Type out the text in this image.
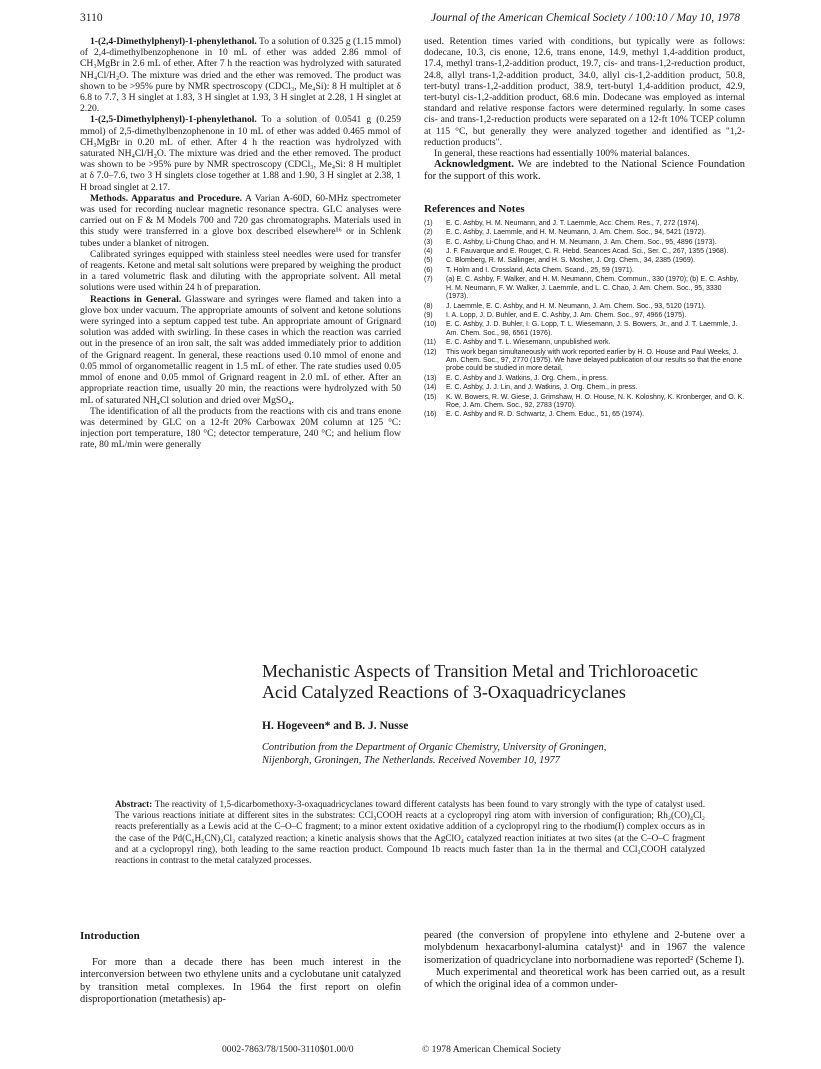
3110	Journal of the American Chemical Society / 100:10 / May 10, 1978

1-(2,4-Dimethylphenyl)-1-phenylethanol. To a solution of 0.325 g (1.15 mmol) of 2,4-dimethylbenzophenone in 10 mL of ether was added 2.86 mmol of CH₃MgBr in 2.6 mL of ether. After 7 h the reaction was hydrolyzed with saturated NH₄Cl/H₂O. The mixture was dried and the ether was removed. The product was shown to be >95% pure by NMR spectroscopy (CDCl₃, Me₄Si): 8 H multiplet at δ 6.8 to 7.7, 3 H singlet at 1.83, 3 H singlet at 1.93, 3 H singlet at 2.28, 1 H singlet at 2.20.

1-(2,5-Dimethylphenyl)-1-phenylethanol. To a solution of 0.0541 g (0.259 mmol) of 2,5-dimethylbenzophenone in 10 mL of ether was added 0.465 mmol of CH₃MgBr in 0.20 mL of ether. After 4 h the reaction was hydrolyzed with saturated NH₄Cl/H₂O. The mixture was dried and the ether removed. The product was shown to be >95% pure by NMR spectroscopy (CDCl₃, Me₄Si: 8 H multiplet at δ 7.0–7.6, two 3 H singlets close together at 1.88 and 1.90, 3 H singlet at 2.38, 1 H broad singlet at 2.17.

Methods. Apparatus and Procedure. A Varian A-60D, 60-MHz spectrometer was used for recording nuclear magnetic resonance spectra. GLC analyses were carried out on F & M Models 700 and 720 gas chromatographs. Materials used in this study were transferred in a glove box described elsewhere¹⁶ or in Schlenk tubes under a blanket of nitrogen.

Calibrated syringes equipped with stainless steel needles were used for transfer of reagents. Ketone and metal salt solutions were prepared by weighing the product in a tared volumetric flask and diluting with the appropriate solvent. All metal solutions were used within 24 h of preparation.

Reactions in General. Glassware and syringes were flamed and taken into a glove box under vacuum. The appropriate amounts of solvent and ketone solutions were syringed into a septum capped test tube. An appropriate amount of Grignard solution was added with swirling. In these cases in which the reaction was carried out in the presence of an iron salt, the salt was added immediately prior to addition of the Grignard reagent. In general, these reactions used 0.10 mmol of enone and 0.05 mmol of organometallic reagent in 1.5 mL of ether. The rate studies used 0.05 mmol of enone and 0.05 mmol of Grignard reagent in 2.0 mL of ether. After an appropriate reaction time, usually 20 min, the reactions were hydrolyzed with 50 mL of saturated NH₄Cl solution and dried over MgSO₄.

The identification of all the products from the reactions with cis and trans enone was determined by GLC on a 12-ft 20% Carbowax 20M column at 125 °C: injection port temperature, 180 °C; detector temperature, 240 °C; and helium flow rate, 80 mL/min were generally

used. Retention times varied with conditions, but typically were as follows: dodecane, 10.3, cis enone, 12.6, trans enone, 14.9, methyl 1,4-addition product, 17.4, methyl trans-1,2-addition product, 19.7, cis- and trans-1,2-reduction product, 24.8, allyl trans-1,2-addition product, 34.0, allyl cis-1,2-addition product, 50.8, tert-butyl trans-1,2-addition product, 38.9, tert-butyl 1,4-addition product, 42.9, tert-butyl cis-1,2-addition product, 68.6 min. Dodecane was employed as internal standard and relative response factors were determined regularly. In some cases cis- and trans-1,2-reduction products were separated on a 12-ft 10% TCEP column at 115 °C, but generally they were analyzed together and identified as "1,2-reduction products".

In general, these reactions had essentially 100% material balances.

Acknowledgment. We are indebted to the National Science Foundation for the support of this work.

References and Notes
(1) E. C. Ashby, H. M. Neumann, and J. T. Laemmle, Acc. Chem. Res., 7, 272 (1974).
(2) E. C. Ashby, J. Laemmle, and H. M. Neumann, J. Am. Chem. Soc., 94, 5421 (1972).
(3) E. C. Ashby, Li-Chung Chao, and H. M. Neumann, J. Am. Chem. Soc., 95, 4896 (1973).
(4) J. F. Fauvarque and E. Rouget, C. R. Hebd. Seances Acad. Sci., Ser. C., 267, 1355 (1968).
(5) C. Blomberg, R. M. Sallinger, and H. S. Mosher, J. Org. Chem., 34, 2385 (1969).
(6) T. Holm and I. Crossland, Acta Chem. Scand., 25, 59 (1971).
(7) (a) E. C. Ashby, F. Walker, and H. M. Neumann, Chem. Commun., 330 (1970); (b) E. C. Ashby, H. M. Neumann, F. W. Walker, J. Laemmle, and L. C. Chao, J. Am. Chem. Soc., 95, 3330 (1973).
(8) J. Laemmle, E. C. Ashby, and H. M. Neumann, J. Am. Chem. Soc., 93, 5120 (1971).
(9) I. A. Lopp, J. D. Buhler, and E. C. Ashby, J. Am. Chem. Soc., 97, 4966 (1975).
(10) E. C. Ashby, J. D. Buhler, I. G. Lopp, T. L. Wiesemann, J. S. Bowers, Jr., and J. T. Laemmle, J. Am. Chem. Soc., 98, 6561 (1976).
(11) E. C. Ashby and T. L. Wiesemann, unpublished work.
(12) This work began simultaneously with work reported earlier by H. O. House and Paul Weeks, J. Am. Chem. Soc., 97, 2770 (1975). We have delayed publication of our results so that the enone probe could be studied in more detail.
(13) E. C. Ashby and J. Watkins, J. Org. Chem., in press.
(14) E. C. Ashby, J. J. Lin, and J. Watkins, J. Org. Chem., in press.
(15) K. W. Bowers, R. W. Giese, J. Grimshaw, H. O. House, N. K. Koloshny, K. Kronberger, and O. K. Roe, J. Am. Chem. Soc., 92, 2783 (1970).
(16) E. C. Ashby and R. D. Schwartz, J. Chem. Educ., 51, 65 (1974).
Mechanistic Aspects of Transition Metal and Trichloroacetic
Acid Catalyzed Reactions of 3-Oxaquadricyclanes
H. Hogeveen* and B. J. Nusse
Contribution from the Department of Organic Chemistry, University of Groningen,
Nijenborgh, Groningen, The Netherlands. Received November 10, 1977
Abstract: The reactivity of 1,5-dicarbomethoxy-3-oxaquadricyclanes toward different catalysts has been found to vary strongly with the type of catalyst used. The various reactions initiate at different sites in the substrates: CCl₃COOH reacts at a cyclopropyl ring atom with inversion of configuration; Rh₂(CO)₄Cl₂ reacts preferentially as a Lewis acid at the C–O–C fragment; to a minor extent oxidative addition of a cyclopropyl ring to the rhodium(I) complex occurs as in the case of the Pd(C₆H₅CN)₂Cl₂ catalyzed reaction; a kinetic analysis shows that the AgClO₄ catalyzed reaction initiates at two sites (at the C–O–C fragment and at a cyclopropyl ring), both leading to the same reaction product. Compound 1b reacts much faster than 1a in the thermal and CCl₃COOH catalyzed reactions in contrast to the metal catalyzed processes.
Introduction

For more than a decade there has been much interest in the interconversion between two ethylene units and a cyclobutane unit catalyzed by transition metal complexes. In 1964 the first report on olefin disproportionation (metathesis) ap-

peared (the conversion of propylene into ethylene and 2-butene over a molybdenum hexacarbonyl-alumina catalyst)¹ and in 1967 the valence isomerization of quadricyclane into norbornadiene was reported² (Scheme I).

Much experimental and theoretical work has been carried out, as a result of which the original idea of a common under-

0002-7863/78/1500-3110$01.00/0	© 1978 American Chemical Society
